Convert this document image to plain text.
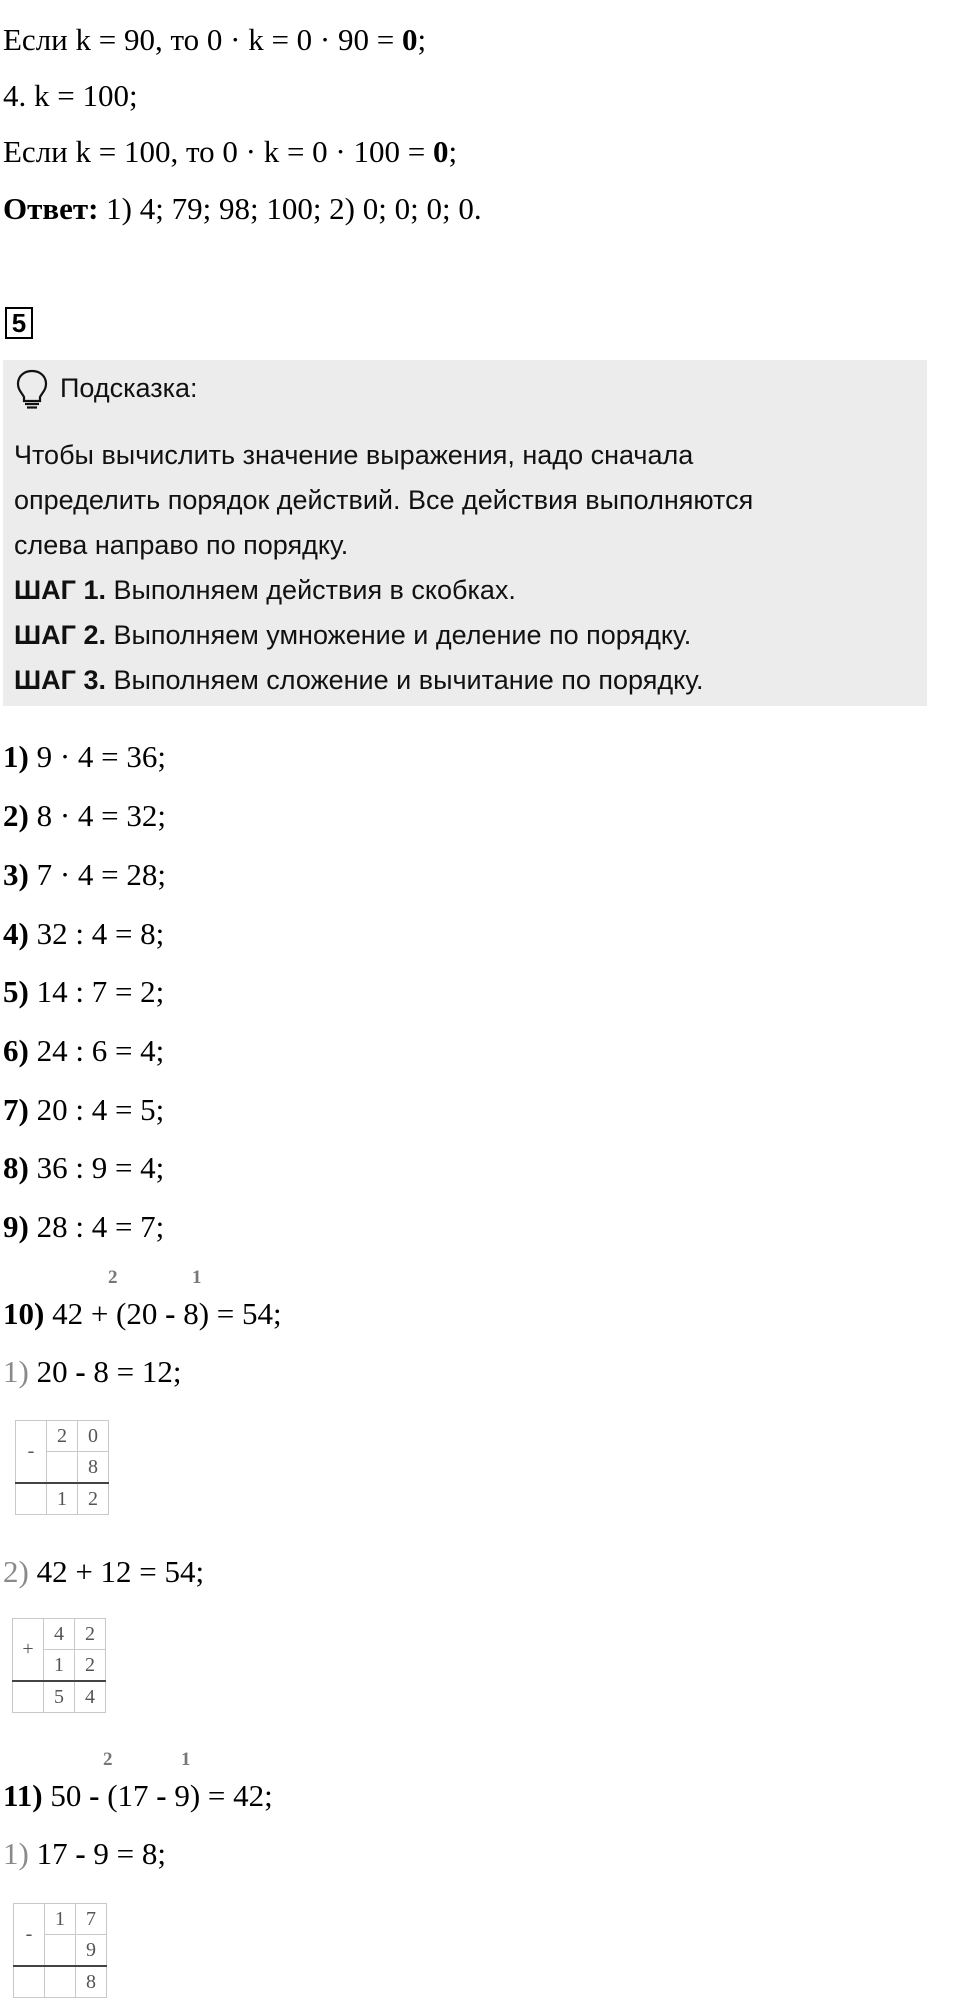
Если k = 90, то 0 · k = 0 · 90 = 0;
4. k = 100;
Если k = 100, то 0 · k = 0 · 100 = 0;
Ответ: 1) 4; 79; 98; 100; 2) 0; 0; 0; 0.
5
Подсказка:
Чтобы вычислить значение выражения, надо сначала
определить порядок действий. Все действия выполняются
слева направо по порядку.
ШАГ 1. Выполняем действия в скобках.
ШАГ 2. Выполняем умножение и деление по порядку.
ШАГ 3. Выполняем сложение и вычитание по порядку.
1) 9 · 4 = 36;
2) 8 · 4 = 32;
3) 7 · 4 = 28;
4) 32 : 4 = 8;
5) 14 : 7 = 2;
6) 24 : 6 = 4;
7) 20 : 4 = 5;
8) 36 : 9 = 4;
9) 28 : 4 = 7;
2	1
10) 42 + (20 - 8) = 54;
1) 20 - 8 = 12;
-	2	0
		8
	1	2
2) 42 + 12 = 54;
+	4	2
	1	2
	5	4
2	1
11) 50 - (17 - 9) = 42;
1) 17 - 9 = 8;
-	1	7
		9
		8
